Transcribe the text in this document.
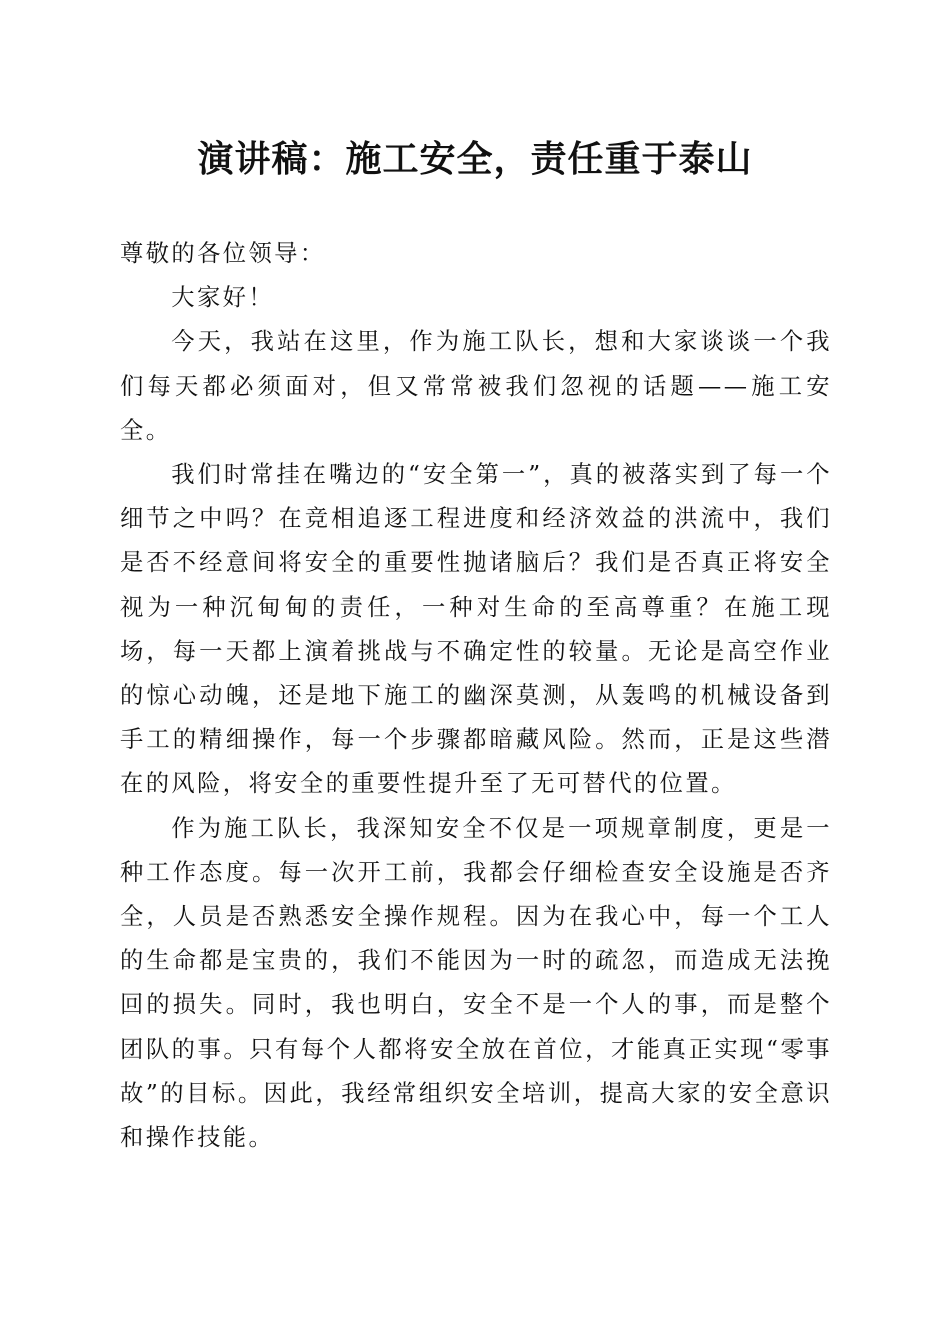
演讲稿：施工安全，责任重于泰山

尊敬的各位领导：

大家好！

今天，我站在这里，作为施工队长，想和大家谈谈一个我们每天都必须面对，但又常常被我们忽视的话题——施工安全。

我们时常挂在嘴边的“安全第一”，真的被落实到了每一个细节之中吗？在竞相追逐工程进度和经济效益的洪流中，我们是否不经意间将安全的重要性抛诸脑后？我们是否真正将安全视为一种沉甸甸的责任，一种对生命的至高尊重？在施工现场，每一天都上演着挑战与不确定性的较量。无论是高空作业的惊心动魄，还是地下施工的幽深莫测，从轰鸣的机械设备到手工的精细操作，每一个步骤都暗藏风险。然而，正是这些潜在的风险，将安全的重要性提升至了无可替代的位置。

作为施工队长，我深知安全不仅是一项规章制度，更是一种工作态度。每一次开工前，我都会仔细检查安全设施是否齐全，人员是否熟悉安全操作规程。因为在我心中，每一个工人的生命都是宝贵的，我们不能因为一时的疏忽，而造成无法挽回的损失。同时，我也明白，安全不是一个人的事，而是整个团队的事。只有每个人都将安全放在首位，才能真正实现“零事故”的目标。因此，我经常组织安全培训，提高大家的安全意识和操作技能。
